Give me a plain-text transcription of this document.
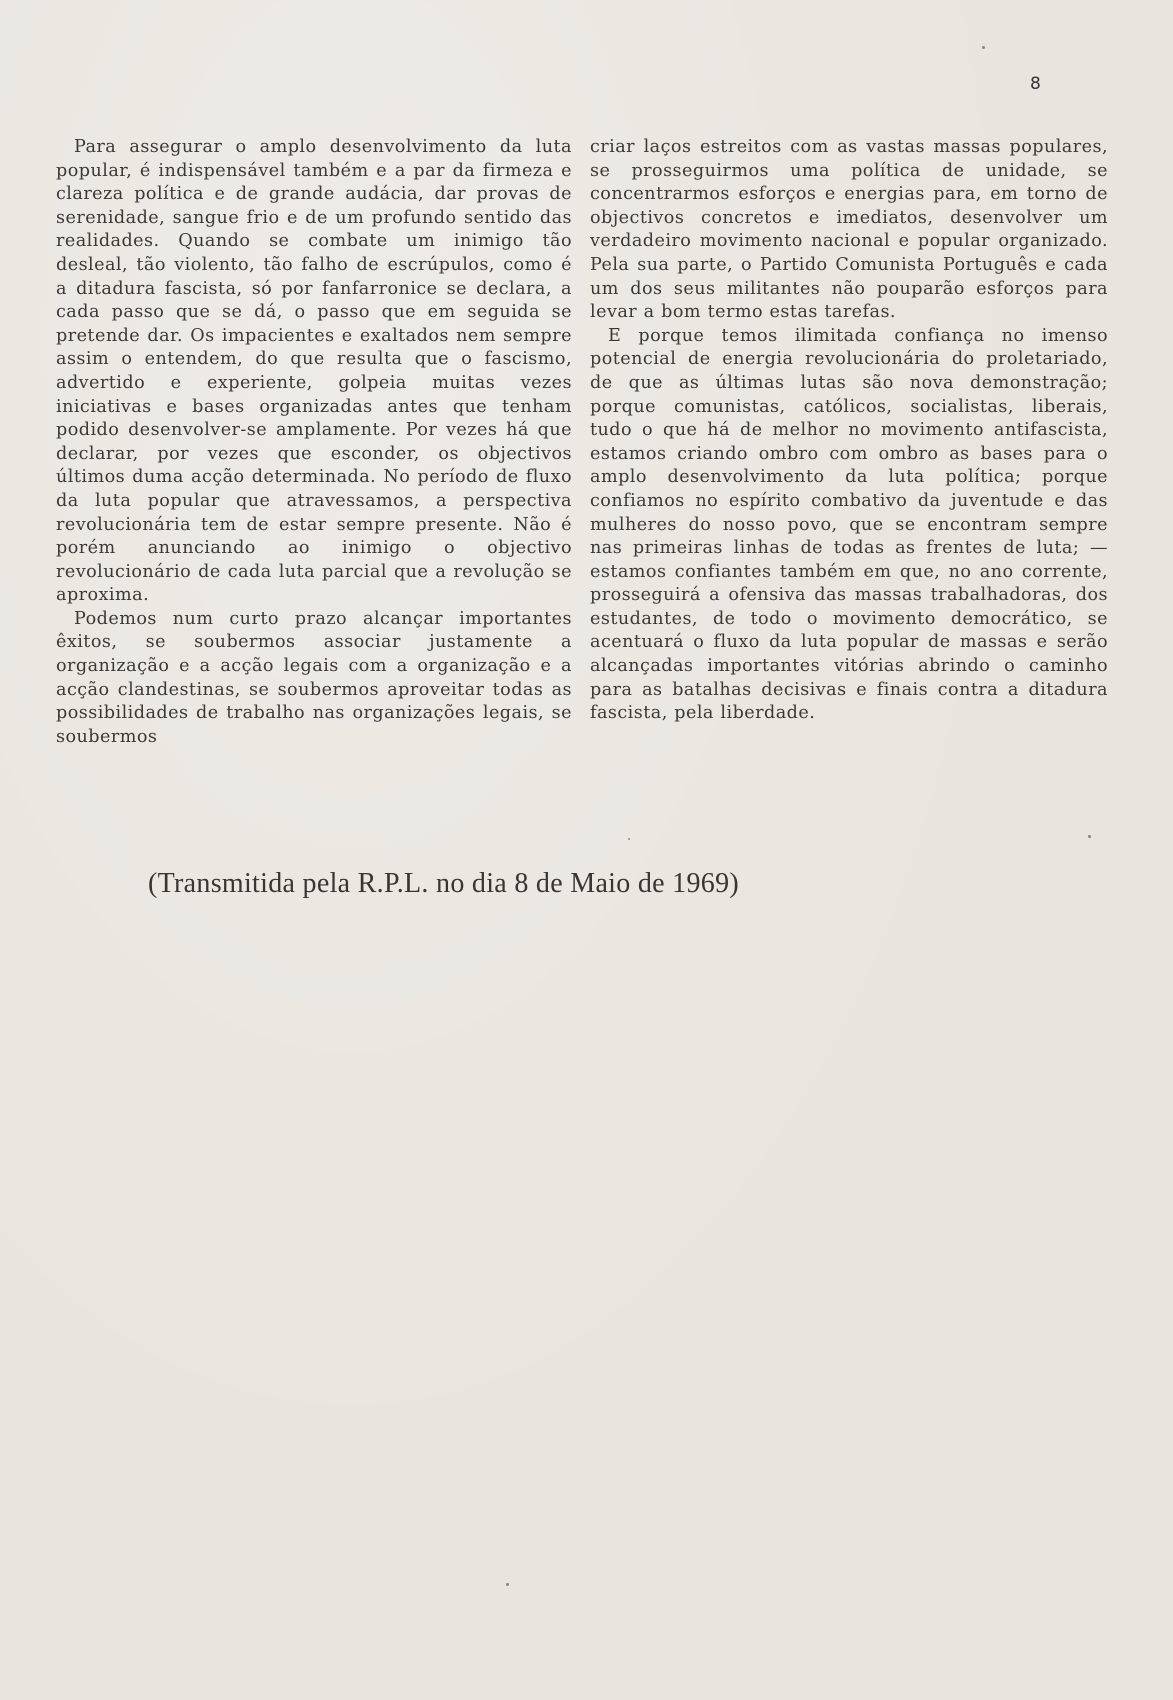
8

Para assegurar o amplo desenvolvimento da luta popular, é indispensável também e a par da firmeza e clareza política e de grande audácia, dar provas de serenidade, sangue frio e de um profundo sentido das realidades. Quando se combate um inimigo tão desleal, tão violento, tão falho de escrúpulos, como é a ditadura fascista, só por fanfarronice se declara, a cada passo que se dá, o passo que em seguida se pretende dar. Os impacientes e exaltados nem sempre assim o entendem, do que resulta que o fascismo, advertido e experiente, golpeia muitas vezes iniciativas e bases organizadas antes que tenham podido desenvolver-se amplamente. Por vezes há que declarar, por vezes que esconder, os objectivos últimos duma acção determinada. No período de fluxo da luta popular que atravessamos, a perspectiva revolucionária tem de estar sempre presente. Não é porém anunciando ao inimigo o objectivo revolucionário de cada luta parcial que a revolução se aproxima.

Podemos num curto prazo alcançar importantes êxitos, se soubermos associar justamente a organização e a acção legais com a organização e a acção clandestinas, se soubermos aproveitar todas as possibilidades de trabalho nas organizações legais, se soubermos

criar laços estreitos com as vastas massas populares, se prosseguirmos uma política de unidade, se concentrarmos esforços e energias para, em torno de objectivos concretos e imediatos, desenvolver um verdadeiro movimento nacional e popular organizado. Pela sua parte, o Partido Comunista Português e cada um dos seus militantes não pouparão esforços para levar a bom termo estas tarefas.

E porque temos ilimitada confiança no imenso potencial de energia revolucionária do proletariado, de que as últimas lutas são nova demonstração; porque comunistas, católicos, socialistas, liberais, tudo o que há de melhor no movimento antifascista, estamos criando ombro com ombro as bases para o amplo desenvolvimento da luta política; porque confiamos no espírito combativo da juventude e das mulheres do nosso povo, que se encontram sempre nas primeiras linhas de todas as frentes de luta; — estamos confiantes também em que, no ano corrente, prosseguirá a ofensiva das massas trabalhadoras, dos estudantes, de todo o movimento democrático, se acentuará o fluxo da luta popular de massas e serão alcançadas importantes vitórias abrindo o caminho para as batalhas decisivas e finais contra a ditadura fascista, pela liberdade.

(Transmitida pela R.P.L. no dia 8 de Maio de 1969)
